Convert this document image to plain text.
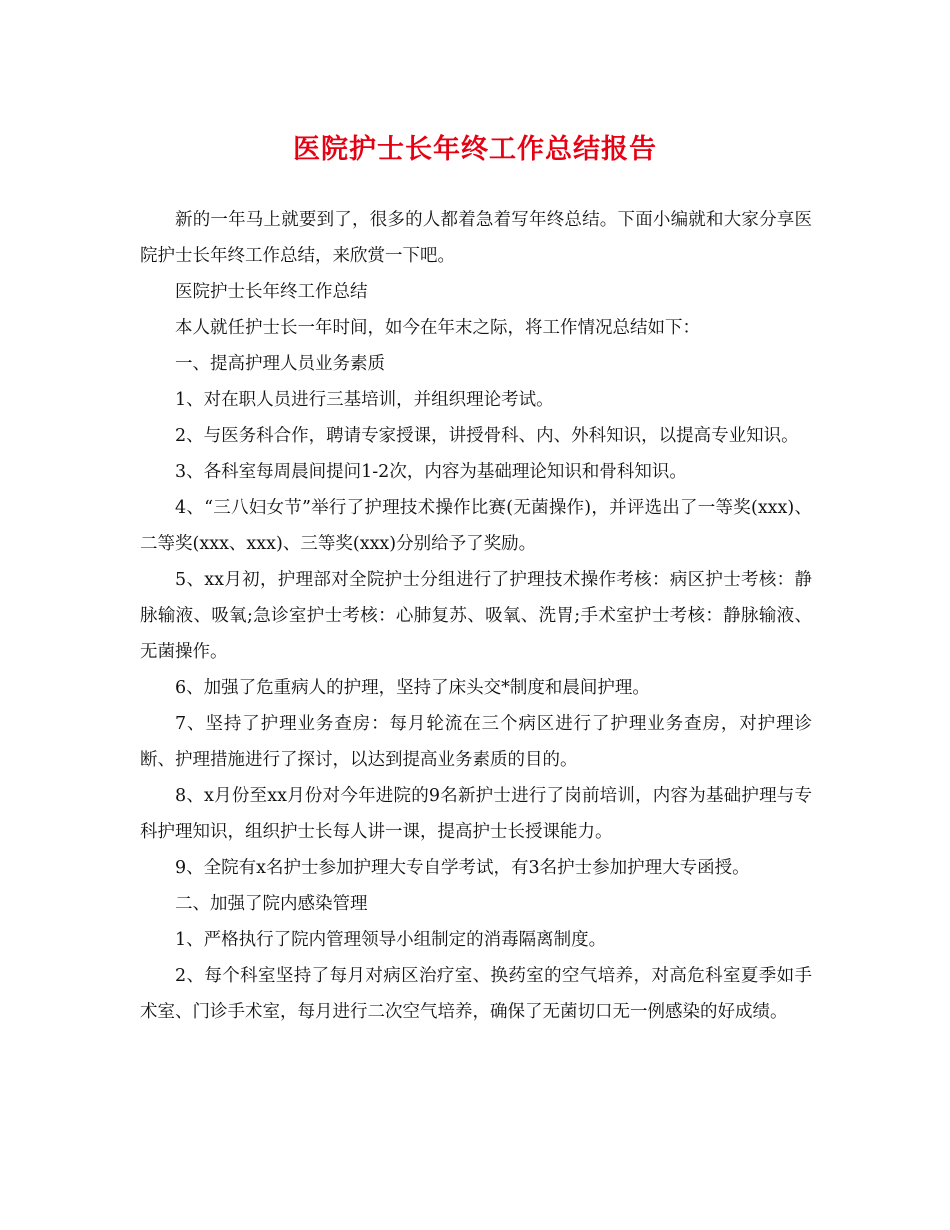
医院护士长年终工作总结报告

新的一年马上就要到了，很多的人都着急着写年终总结。下面小编就和大家分享医院护士长年终工作总结，来欣赏一下吧。

医院护士长年终工作总结

本人就任护士长一年时间，如今在年末之际，将工作情况总结如下：

一、提高护理人员业务素质

1、对在职人员进行三基培训，并组织理论考试。

2、与医务科合作，聘请专家授课，讲授骨科、内、外科知识，以提高专业知识。

3、各科室每周晨间提问1-2次，内容为基础理论知识和骨科知识。

4、“三八妇女节”举行了护理技术操作比赛(无菌操作)，并评选出了一等奖(xxx)、二等奖(xxx、xxx)、三等奖(xxx)分别给予了奖励。

5、xx月初，护理部对全院护士分组进行了护理技术操作考核：病区护士考核：静脉输液、吸氧;急诊室护士考核：心肺复苏、吸氧、洗胃;手术室护士考核：静脉输液、无菌操作。

6、加强了危重病人的护理，坚持了床头交*制度和晨间护理。

7、坚持了护理业务查房：每月轮流在三个病区进行了护理业务查房，对护理诊断、护理措施进行了探讨，以达到提高业务素质的目的。

8、x月份至xx月份对今年进院的9名新护士进行了岗前培训，内容为基础护理与专科护理知识，组织护士长每人讲一课，提高护士长授课能力。

9、全院有x名护士参加护理大专自学考试，有3名护士参加护理大专函授。

二、加强了院内感染管理

1、严格执行了院内管理领导小组制定的消毒隔离制度。

2、每个科室坚持了每月对病区治疗室、换药室的空气培养，对高危科室夏季如手术室、门诊手术室，每月进行二次空气培养，确保了无菌切口无一例感染的好成绩。
